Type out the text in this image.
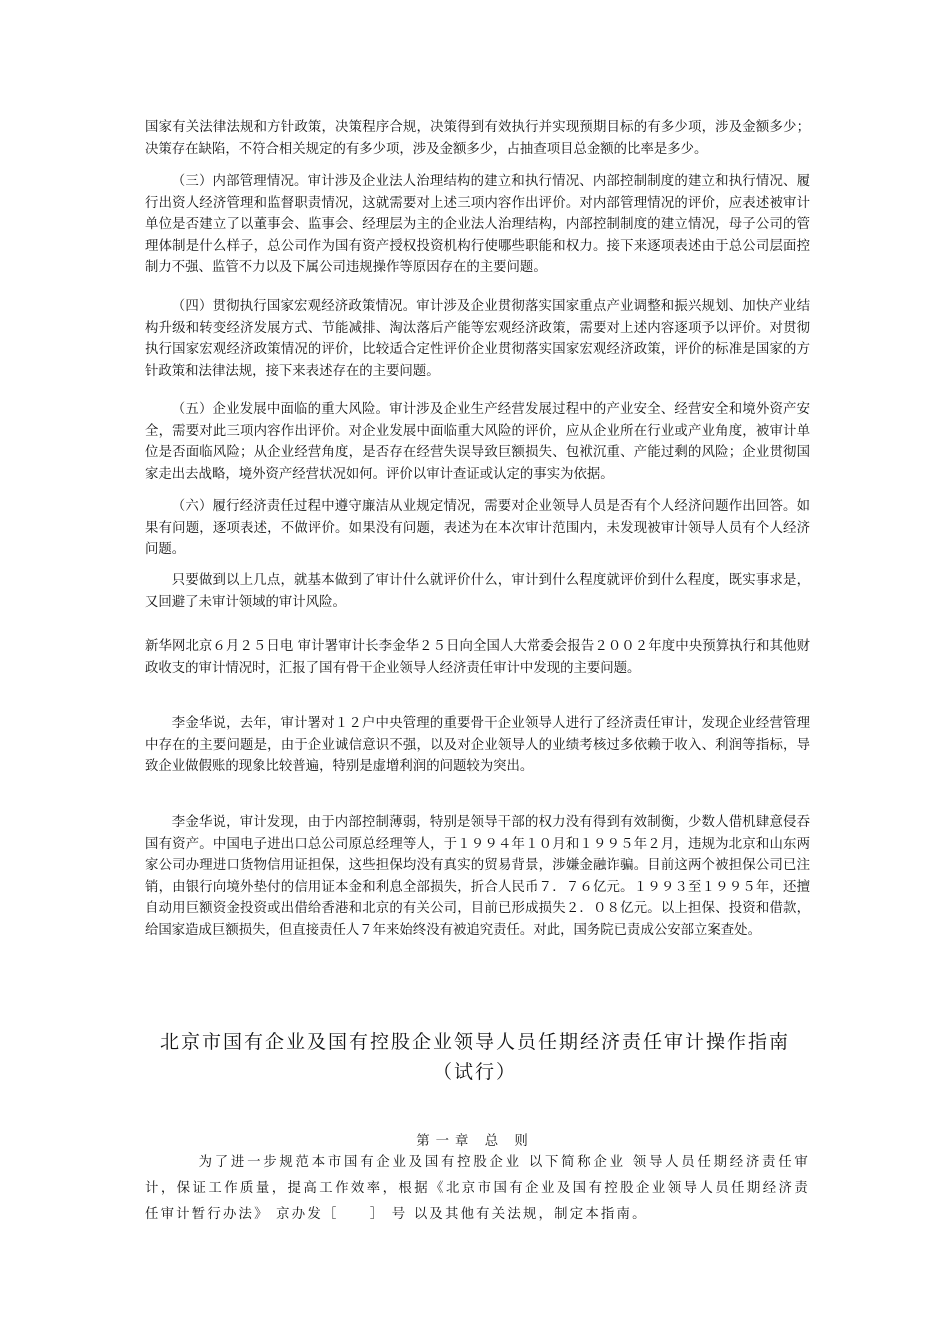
国家有关法律法规和方针政策，决策程序合规，决策得到有效执行并实现预期目标的有多少项，涉及金额多少；决策存在缺陷，不符合相关规定的有多少项，涉及金额多少，占抽查项目总金额的比率是多少。

（三）内部管理情况。审计涉及企业法人治理结构的建立和执行情况、内部控制制度的建立和执行情况、履行出资人经济管理和监督职责情况，这就需要对上述三项内容作出评价。对内部管理情况的评价，应表述被审计单位是否建立了以董事会、监事会、经理层为主的企业法人治理结构，内部控制制度的建立情况，母子公司的管理体制是什么样子，总公司作为国有资产授权投资机构行使哪些职能和权力。接下来逐项表述由于总公司层面控制力不强、监管不力以及下属公司违规操作等原因存在的主要问题。

（四）贯彻执行国家宏观经济政策情况。审计涉及企业贯彻落实国家重点产业调整和振兴规划、加快产业结构升级和转变经济发展方式、节能减排、淘汰落后产能等宏观经济政策，需要对上述内容逐项予以评价。对贯彻执行国家宏观经济政策情况的评价，比较适合定性评价企业贯彻落实国家宏观经济政策，评价的标准是国家的方针政策和法律法规，接下来表述存在的主要问题。

（五）企业发展中面临的重大风险。审计涉及企业生产经营发展过程中的产业安全、经营安全和境外资产安全，需要对此三项内容作出评价。对企业发展中面临重大风险的评价，应从企业所在行业或产业角度，被审计单位是否面临风险；从企业经营角度，是否存在经营失误导致巨额损失、包袱沉重、产能过剩的风险；企业贯彻国家走出去战略，境外资产经营状况如何。评价以审计查证或认定的事实为依据。

（六）履行经济责任过程中遵守廉洁从业规定情况，需要对企业领导人员是否有个人经济问题作出回答。如果有问题，逐项表述，不做评价。如果没有问题，表述为在本次审计范围内，未发现被审计领导人员有个人经济问题。

只要做到以上几点，就基本做到了审计什么就评价什么，审计到什么程度就评价到什么程度，既实事求是，又回避了未审计领域的审计风险。

新华网北京６月２５日电 审计署审计长李金华２５日向全国人大常委会报告２００２年度中央预算执行和其他财政收支的审计情况时，汇报了国有骨干企业领导人经济责任审计中发现的主要问题。

李金华说，去年，审计署对１２户中央管理的重要骨干企业领导人进行了经济责任审计，发现企业经营管理中存在的主要问题是，由于企业诚信意识不强，以及对企业领导人的业绩考核过多依赖于收入、利润等指标，导致企业做假账的现象比较普遍，特别是虚增利润的问题较为突出。

李金华说，审计发现，由于内部控制薄弱，特别是领导干部的权力没有得到有效制衡，少数人借机肆意侵吞国有资产。中国电子进出口总公司原总经理等人，于１９９４年１０月和１９９５年２月，违规为北京和山东两家公司办理进口货物信用证担保，这些担保均没有真实的贸易背景，涉嫌金融诈骗。目前这两个被担保公司已注销，由银行向境外垫付的信用证本金和利息全部损失，折合人民币７．７６亿元。１９９３至１９９５年，还擅自动用巨额资金投资或出借给香港和北京的有关公司，目前已形成损失２．０８亿元。以上担保、投资和借款，给国家造成巨额损失，但直接责任人７年来始终没有被追究责任。对此，国务院已责成公安部立案查处。

北京市国有企业及国有控股企业领导人员任期经济责任审计操作指南

（试行）

第一章 总 则

为了进一步规范本市国有企业及国有控股企业 以下简称企业 领导人员任期经济责任审计，保证工作质量，提高工作效率，根据《北京市国有企业及国有控股企业领导人员任期经济责任审计暂行办法》 京办发［　　］ 号 以及其他有关法规，制定本指南。
